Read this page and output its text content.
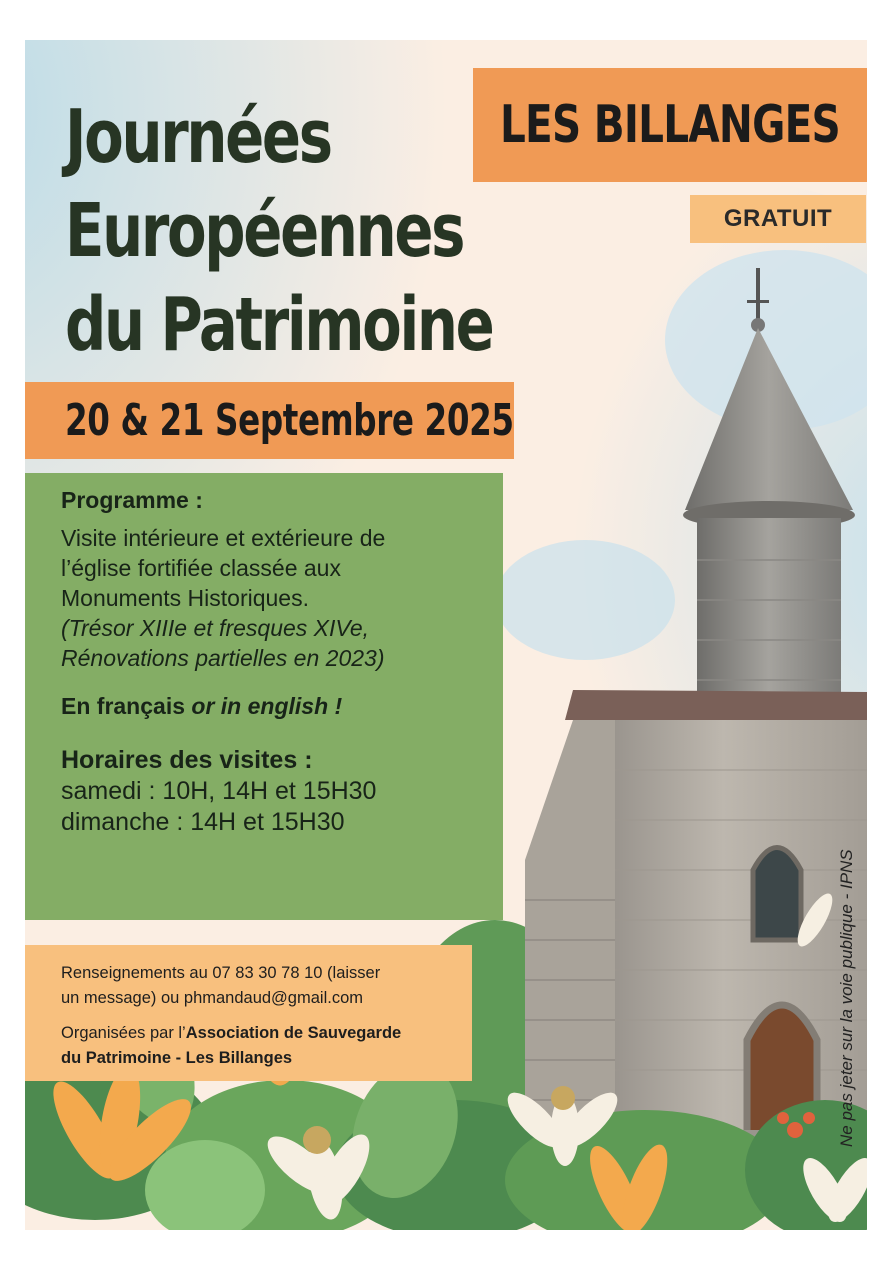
Journées
Européennes
du Patrimoine
LES BILLANGES
GRATUIT
20 & 21 Septembre 2025

Programme :

Visite intérieure et extérieure de

l’église fortifiée classée aux

Monuments Historiques.

(Trésor XIIIe et fresques XIVe,

Rénovations partielles en 2023)

En français or in english !
Horaires des visites :

samedi : 10H, 14H et 15H30

dimanche : 14H et 15H30

Renseignements au 07 83 30 78 10 (laisser

un message) ou phmandaud@gmail.com

Organisées par l’Association de Sauvegarde

du Patrimoine - Les Billanges	Ne pas jeter sur la voie publique - IPNS
